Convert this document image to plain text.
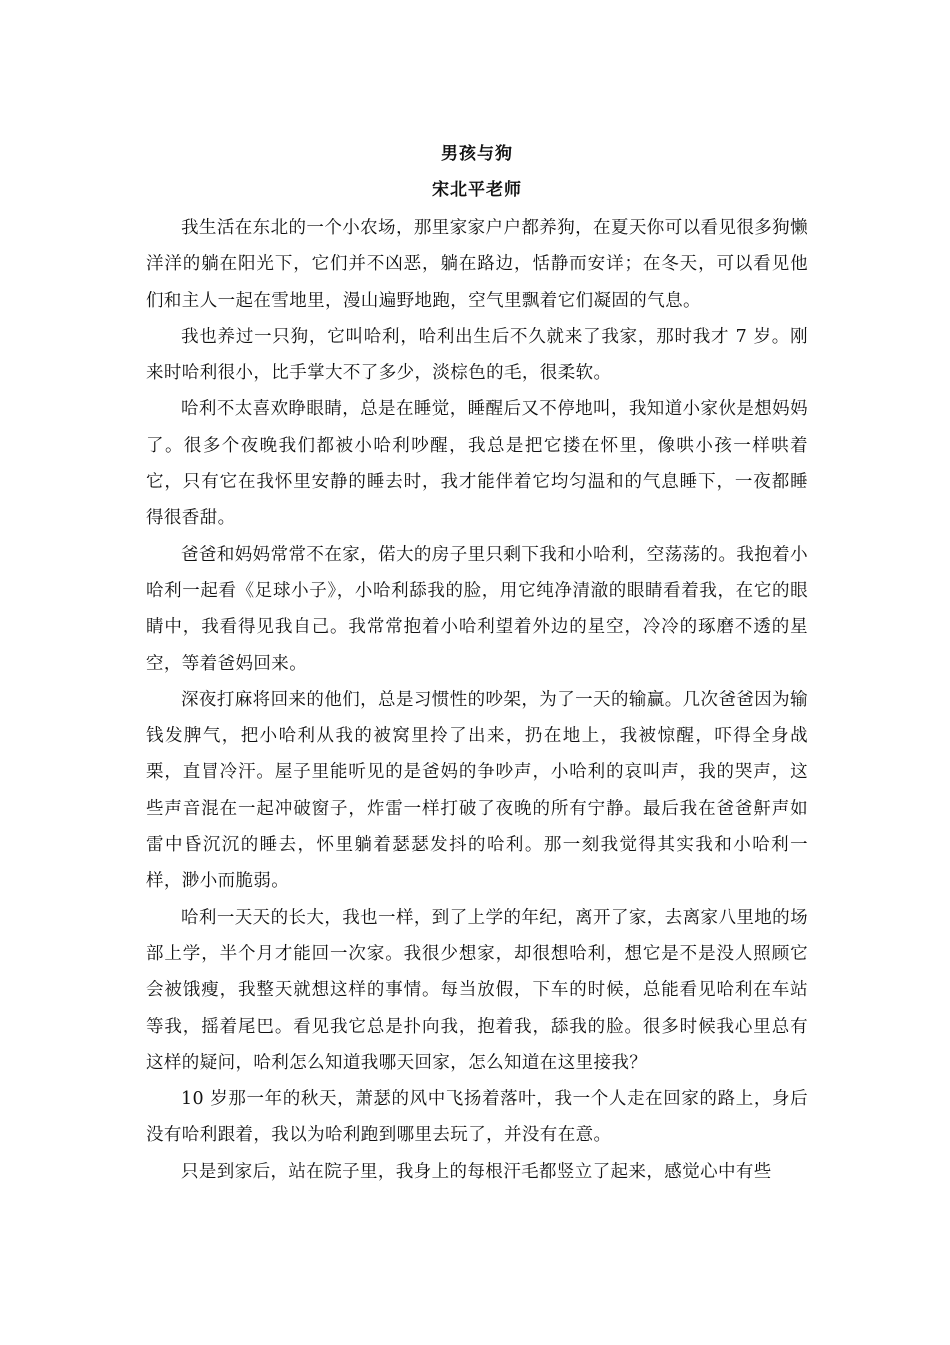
男孩与狗
宋北平老师

我生活在东北的一个小农场，那里家家户户都养狗，在夏天你可以看见很多狗懒洋洋的躺在阳光下，它们并不凶恶，躺在路边，恬静而安详；在冬天，可以看见他们和主人一起在雪地里，漫山遍野地跑，空气里飘着它们凝固的气息。

我也养过一只狗，它叫哈利，哈利出生后不久就来了我家，那时我才 7 岁。刚来时哈利很小，比手掌大不了多少，淡棕色的毛，很柔软。

哈利不太喜欢睁眼睛，总是在睡觉，睡醒后又不停地叫，我知道小家伙是想妈妈了。很多个夜晚我们都被小哈利吵醒，我总是把它搂在怀里，像哄小孩一样哄着它，只有它在我怀里安静的睡去时，我才能伴着它均匀温和的气息睡下，一夜都睡得很香甜。

爸爸和妈妈常常不在家，偌大的房子里只剩下我和小哈利，空荡荡的。我抱着小哈利一起看《足球小子》，小哈利舔我的脸，用它纯净清澈的眼睛看着我，在它的眼睛中，我看得见我自己。我常常抱着小哈利望着外边的星空，冷冷的琢磨不透的星空，等着爸妈回来。

深夜打麻将回来的他们，总是习惯性的吵架，为了一天的输赢。几次爸爸因为输钱发脾气，把小哈利从我的被窝里拎了出来，扔在地上，我被惊醒，吓得全身战栗，直冒冷汗。屋子里能听见的是爸妈的争吵声，小哈利的哀叫声，我的哭声，这些声音混在一起冲破窗子，炸雷一样打破了夜晚的所有宁静。最后我在爸爸鼾声如雷中昏沉沉的睡去，怀里躺着瑟瑟发抖的哈利。那一刻我觉得其实我和小哈利一样，渺小而脆弱。

哈利一天天的长大，我也一样，到了上学的年纪，离开了家，去离家八里地的场部上学，半个月才能回一次家。我很少想家，却很想哈利，想它是不是没人照顾它会被饿瘦，我整天就想这样的事情。每当放假，下车的时候，总能看见哈利在车站等我，摇着尾巴。看见我它总是扑向我，抱着我，舔我的脸。很多时候我心里总有这样的疑问，哈利怎么知道我哪天回家，怎么知道在这里接我？

10 岁那一年的秋天，萧瑟的风中飞扬着落叶，我一个人走在回家的路上，身后没有哈利跟着，我以为哈利跑到哪里去玩了，并没有在意。

只是到家后，站在院子里，我身上的每根汗毛都竖立了起来，感觉心中有些
